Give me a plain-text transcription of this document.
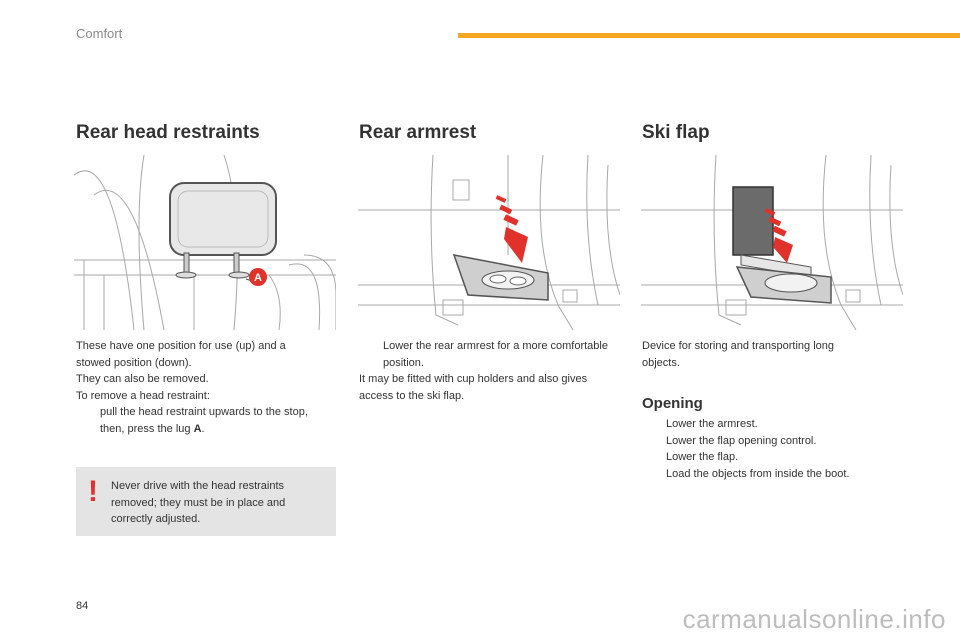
Comfort
Rear head restraints
A

These have one position for use (up) and a

stowed position (down).

They can also be removed.

To remove a head restraint:

pull the head restraint upwards to the stop,

then, press the lug A.

! Never drive with the head restraints removed; they must be in place and correctly adjusted.
Rear armrest

Lower the rear armrest for a more comfortable position.

It may be fitted with cup holders and also gives

access to the ski flap.

Ski flap

Device for storing and transporting long

objects.

Opening

Lower the armrest.

Lower the flap opening control.

Lower the flap.

Load the objects from inside the boot.

84	carmanualsonline.info
